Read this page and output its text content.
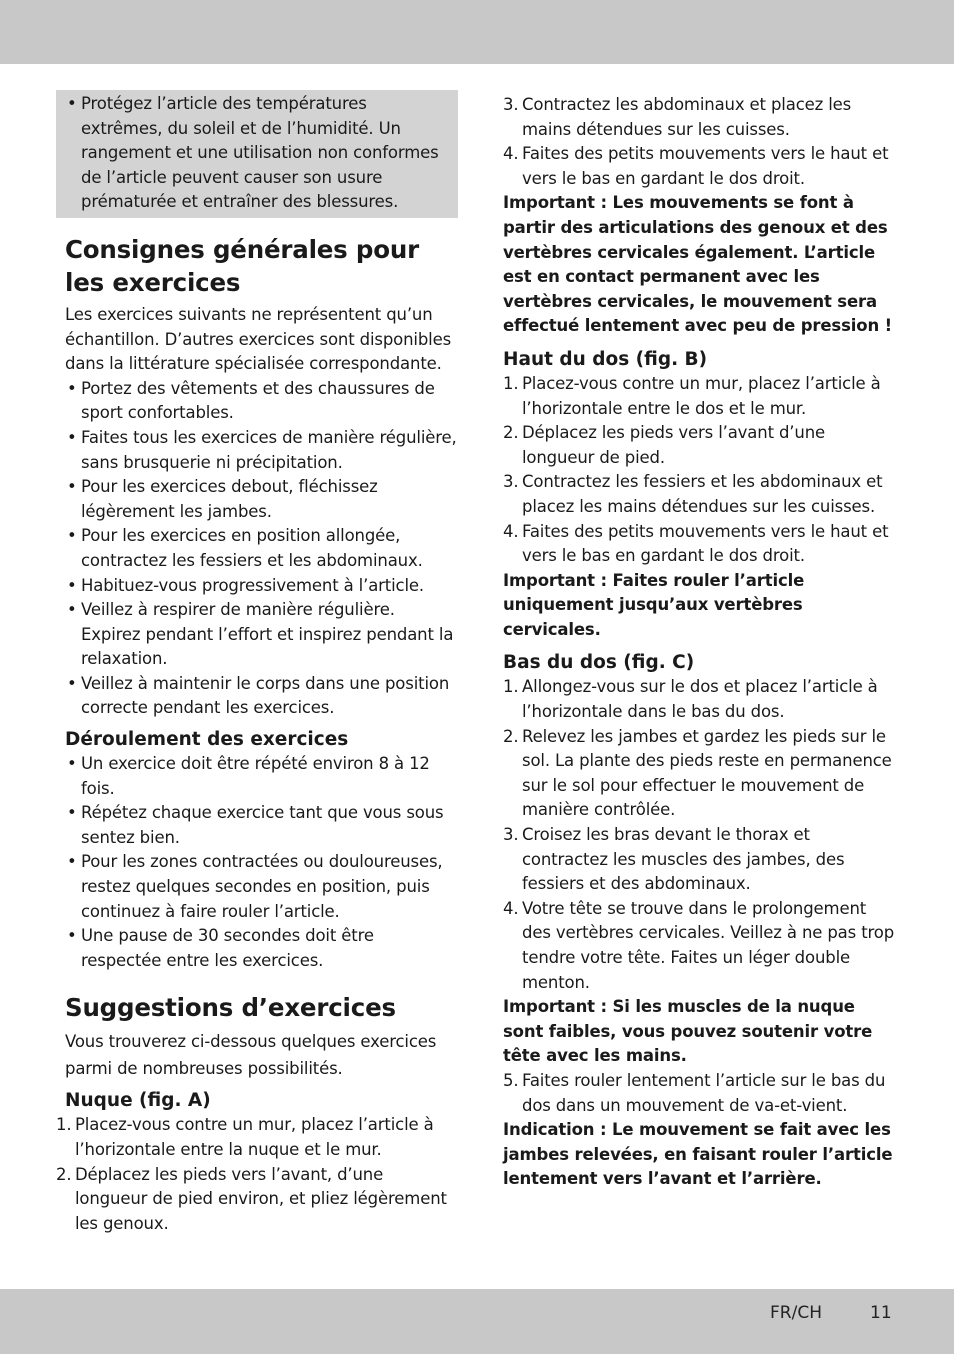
• Protégez l’article des températures extrêmes, du soleil et de l’humidité. Un rangement et une utilisation non conformes de l’article peuvent causer son usure prématurée et entraîner des blessures.
Consignes générales pour les exercices

Les exercices suivants ne représentent qu’un échantillon. D’autres exercices sont disponibles dans la littérature spécialisée correspondante.

• Portez des vêtements et des chaussures de sport confortables.
• Faites tous les exercices de manière régulière, sans brusquerie ni précipitation.
• Pour les exercices debout, fléchissez légèrement les jambes.
• Pour les exercices en position allongée, contractez les fessiers et les abdominaux.
• Habituez-vous progressivement à l’article.
• Veillez à respirer de manière régulière. Expirez pendant l’effort et inspirez pendant la relaxation.
• Veillez à maintenir le corps dans une position correcte pendant les exercices.
Déroulement des exercices
• Un exercice doit être répété environ 8 à 12 fois.
• Répétez chaque exercice tant que vous sous sentez bien.
• Pour les zones contractées ou douloureuses, restez quelques secondes en position, puis continuez à faire rouler l’article.
• Une pause de 30 secondes doit être respectée entre les exercices.
Suggestions d’exercices

Vous trouverez ci-dessous quelques exercices parmi de nombreuses possibilités.

Nuque (fig. A)
1. Placez-vous contre un mur, placez l’article à l’horizontale entre la nuque et le mur.
2. Déplacez les pieds vers l’avant, d’une longueur de pied environ, et pliez légèrement les genoux.
3. Contractez les abdominaux et placez les mains détendues sur les cuisses.
4. Faites des petits mouvements vers le haut et vers le bas en gardant le dos droit.

Important : Les mouvements se font à partir des articulations des genoux et des vertèbres cervicales également. L’article est en contact permanent avec les vertèbres cervicales, le mouvement sera effectué lentement avec peu de pression !

Haut du dos (fig. B)
1. Placez-vous contre un mur, placez l’article à l’horizontale entre le dos et le mur.
2. Déplacez les pieds vers l’avant d’une longueur de pied.
3. Contractez les fessiers et les abdominaux et placez les mains détendues sur les cuisses.
4. Faites des petits mouvements vers le haut et vers le bas en gardant le dos droit.

Important : Faites rouler l’article uniquement jusqu’aux vertèbres cervicales.

Bas du dos (fig. C)
1. Allongez-vous sur le dos et placez l’article à l’horizontale dans le bas du dos.
2. Relevez les jambes et gardez les pieds sur le sol. La plante des pieds reste en permanence sur le sol pour effectuer le mouvement de manière contrôlée.
3. Croisez les bras devant le thorax et contractez les muscles des jambes, des fessiers et des abdominaux.
4. Votre tête se trouve dans le prolongement des vertèbres cervicales. Veillez à ne pas trop tendre votre tête. Faites un léger double menton.

Important : Si les muscles de la nuque sont faibles, vous pouvez soutenir votre tête avec les mains.

5. Faites rouler lentement l’article sur le bas du dos dans un mouvement de va-et-vient.

Indication : Le mouvement se fait avec les jambes relevées, en faisant rouler l’article lentement vers l’avant et l’arrière.

FR/CH	11
